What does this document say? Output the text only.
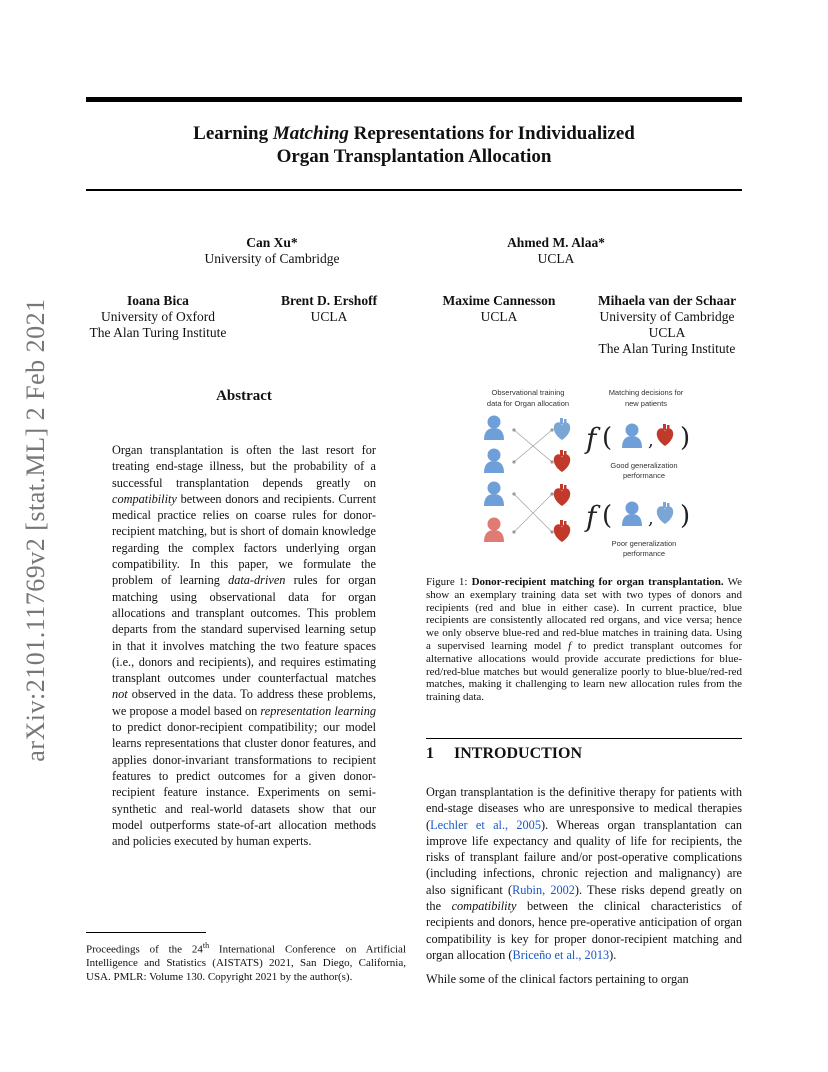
Learning Matching Representations for Individualized
Organ Transplantation Allocation
arXiv:2101.11769v2 [stat.ML] 2 Feb 2021
Can Xu*
University of Cambridge
Ahmed M. Alaa*
UCLA
Ioana Bica
University of Oxford
The Alan Turing Institute
Brent D. Ershoff
UCLA
Maxime Cannesson
UCLA
Mihaela van der Schaar
University of Cambridge
UCLA
The Alan Turing Institute
Abstract
Organ transplantation is often the last resort for treating end-stage illness, but the probability of a successful transplantation depends greatly on compatibility between donors and recipients. Current medical practice relies on coarse rules for donor-recipient matching, but is short of domain knowledge regarding the complex factors underlying organ compatibility. In this paper, we formulate the problem of learning data-driven rules for organ matching using observational data for organ allocations and transplant outcomes. This problem departs from the standard supervised learning setup in that it involves matching the two feature spaces (i.e., donors and recipients), and requires estimating transplant outcomes under counterfactual matches not observed in the data. To address these problems, we propose a model based on representation learning to predict donor-recipient compatibility; our model learns representations that cluster donor features, and applies donor-invariant transformations to recipient features to predict outcomes for a given donor-recipient feature instance. Experiments on semi-synthetic and real-world datasets show that our model outperforms state-of-art allocation methods and policies executed by human experts.
Proceedings of the 24th International Conference on Artificial Intelligence and Statistics (AISTATS) 2021, San Diego, California, USA. PMLR: Volume 130. Copyright 2021 by the author(s).
Observational training
data for Organ allocation
Matching decisions for
new patients
f ( , )
Good generalization
performance
f ( , )
Poor generalization
performance
Figure 1: Donor-recipient matching for organ transplantation. We show an exemplary training data set with two types of donors and recipients (red and blue in either case). In current practice, blue recipients are consistently allocated red organs, and vice versa; hence we only observe blue-red and red-blue matches in training data. Using a supervised learning model f to predict transplant outcomes for alternative allocations would provide accurate predictions for blue-red/red-blue matches but would generalize poorly to blue-blue/red-red matches, making it challenging to learn new allocation rules from the training data.
1 INTRODUCTION

Organ transplantation is the definitive therapy for patients with end-stage diseases who are unresponsive to medical therapies (Lechler et al., 2005). Whereas organ transplantation can improve life expectancy and quality of life for recipients, the risks of transplant failure and/or post-operative complications (including infections, chronic rejection and malignancy) are also significant (Rubin, 2002). These risks depend greatly on the compatibility between the clinical characteristics of recipients and donors, hence pre-operative anticipation of organ compatibility is key for proper donor-recipient matching and organ allocation (Briceño et al., 2013).

While some of the clinical factors pertaining to organ
